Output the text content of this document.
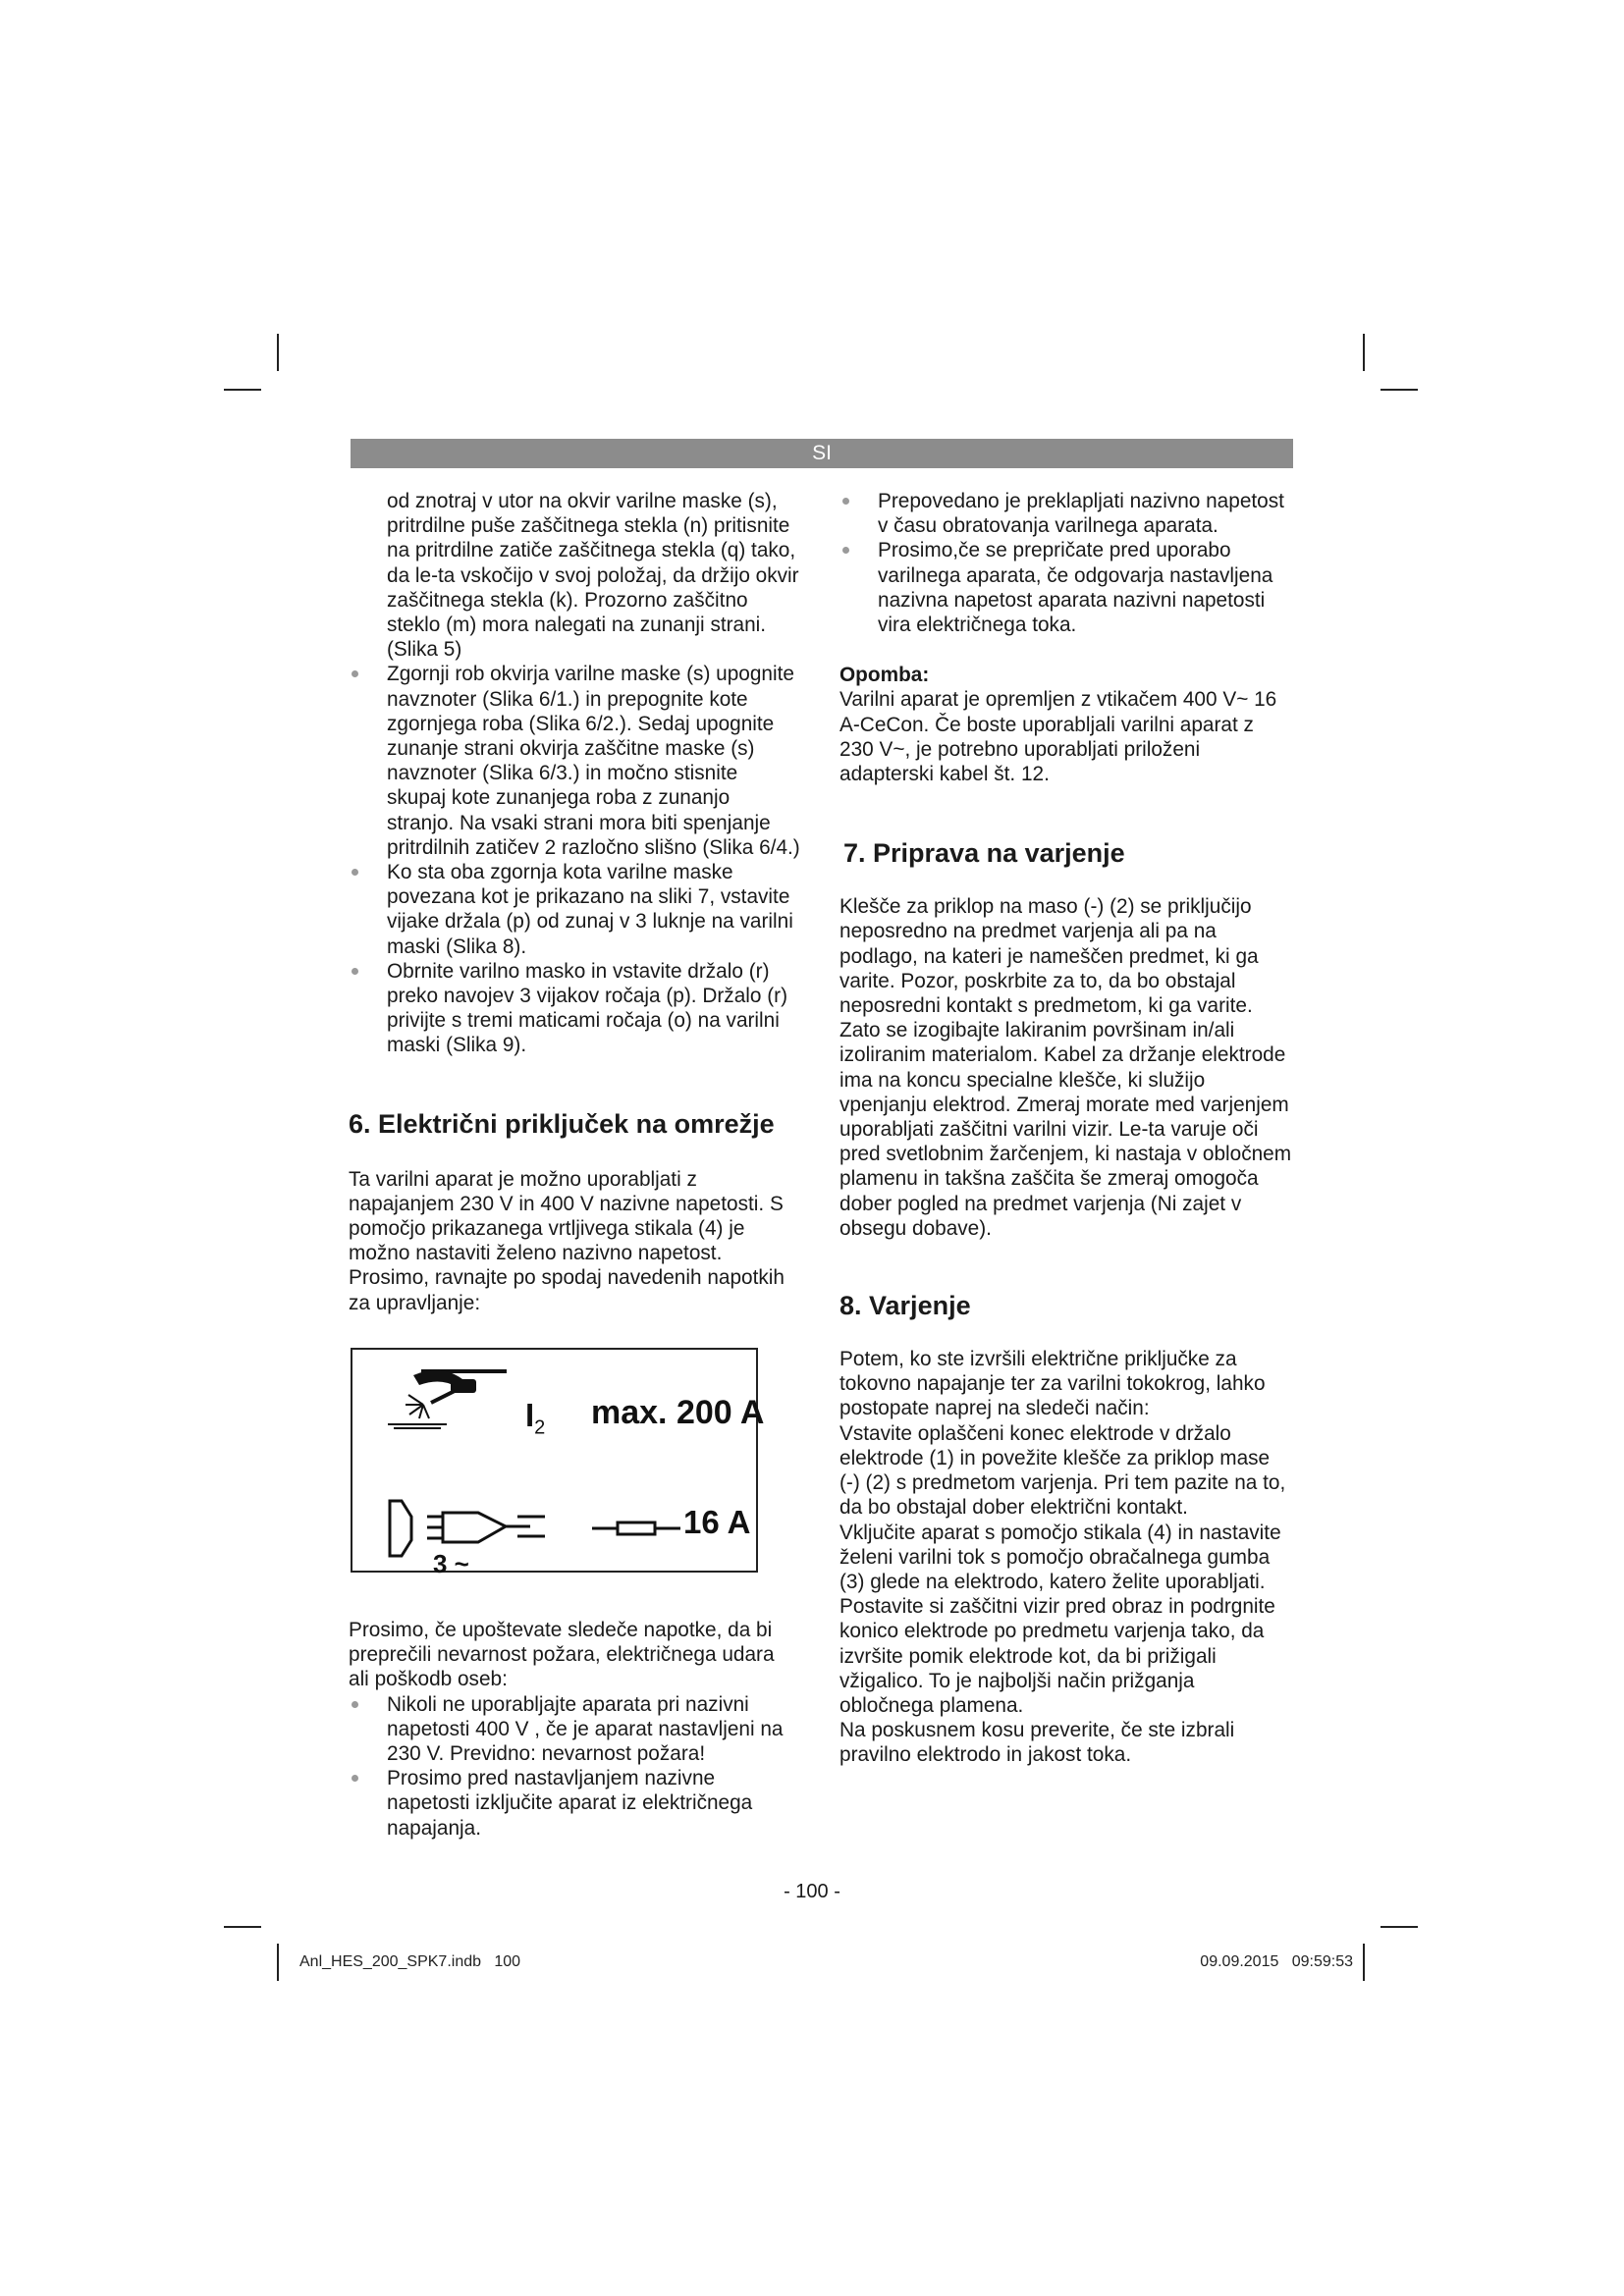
SI

od znotraj v utor na okvir varilne maske (s), pritrdilne puše zaščitnega stekla (n) pritisnite na pritrdilne zatiče zaščitnega stekla (q) tako, da le-ta vskočijo v svoj položaj, da držijo okvir zaščitnega stekla (k). Prozorno zaščitno steklo (m) mora nalegati na zunanji strani. (Slika 5)

Zgornji rob okvirja varilne maske (s) upognite navznoter (Slika 6/1.) in prepognite kote zgornjega roba (Slika 6/2.). Sedaj upognite zunanje strani okvirja zaščitne maske (s) navznoter (Slika 6/3.) in močno stisnite skupaj kote zunanjega roba z zunanjo stranjo. Na vsaki strani mora biti spenjanje pritrdilnih zatičev 2 razločno slišno (Slika 6/4.)
Ko sta oba zgornja kota varilne maske povezana kot je prikazano na sliki 7, vstavite vijake držala (p) od zunaj v 3 luknje na varilni maski (Slika 8).
Obrnite varilno masko in vstavite držalo (r) preko navojev 3 vijakov ročaja (p). Držalo (r) privijte s tremi maticami ročaja (o) na varilni maski (Slika 9).
6. Električni priključek na omrežje

Ta varilni aparat je možno uporabljati z napajanjem 230 V in 400 V nazivne napetosti. S pomočjo prikazanega vrtljivega stikala (4) je možno nastaviti želeno nazivno napetost. Prosimo, ravnajte po spodaj navedenih napotkih za upravljanje:

$I_2$ max. 200 A
3 ~
16 A

Prosimo, če upoštevate sledeče napotke, da bi preprečili nevarnost požara, električnega udara ali poškodb oseb:

Nikoli ne uporabljajte aparata pri nazivni napetosti 400 V , če je aparat nastavljeni na 230 V. Previdno: nevarnost požara!
Prosimo pred nastavljanjem nazivne napetosti izključite aparat iz električnega napajanja.
Prepovedano je preklapljati nazivno napetost v času obratovanja varilnega aparata.
Prosimo,če se prepričate pred uporabo varilnega aparata, če odgovarja nastavljena nazivna napetost aparata nazivni napetosti vira električnega toka.

Opomba:

Varilni aparat je opremljen z vtikačem 400 V~ 16 A-CeCon. Če boste uporabljali varilni aparat z 230 V~, je potrebno uporabljati priloženi adapterski kabel št. 12.

7. Priprava na varjenje

Klešče za priklop na maso (-) (2) se priključijo neposredno na predmet varjenja ali pa na podlago, na kateri je nameščen predmet, ki ga varite. Pozor, poskrbite za to, da bo obstajal neposredni kontakt s predmetom, ki ga varite. Zato se izogibajte lakiranim površinam in/ali izoliranim materialom. Kabel za držanje elektrode ima na koncu specialne klešče, ki služijo vpenjanju elektrod. Zmeraj morate med varjenjem uporabljati zaščitni varilni vizir. Le-ta varuje oči pred svetlobnim žarčenjem, ki nastaja v obločnem plamenu in takšna zaščita še zmeraj omogoča dober pogled na predmet varjenja (Ni zajet v obsegu dobave).

8. Varjenje

Potem, ko ste izvršili električne priključke za tokovno napajanje ter za varilni tokokrog, lahko postopate naprej na sledeči način:

Vstavite oplaščeni konec elektrode v držalo elektrode (1) in povežite klešče za priklop mase (-) (2) s predmetom varjenja. Pri tem pazite na to, da bo obstajal dober električni kontakt.

Vključite aparat s pomočjo stikala (4) in nastavite želeni varilni tok s pomočjo obračalnega gumba (3) glede na elektrodo, katero želite uporabljati. Postavite si zaščitni vizir pred obraz in podrgnite konico elektrode po predmetu varjenja tako, da izvršite pomik elektrode kot, da bi prižigali vžigalico. To je najboljši način prižganja obločnega plamena.

Na poskusnem kosu preverite, če ste izbrali pravilno elektrodo in jakost toka.

- 100 -
Anl_HES_200_SPK7.indb   100	09.09.2015   09:59:53
